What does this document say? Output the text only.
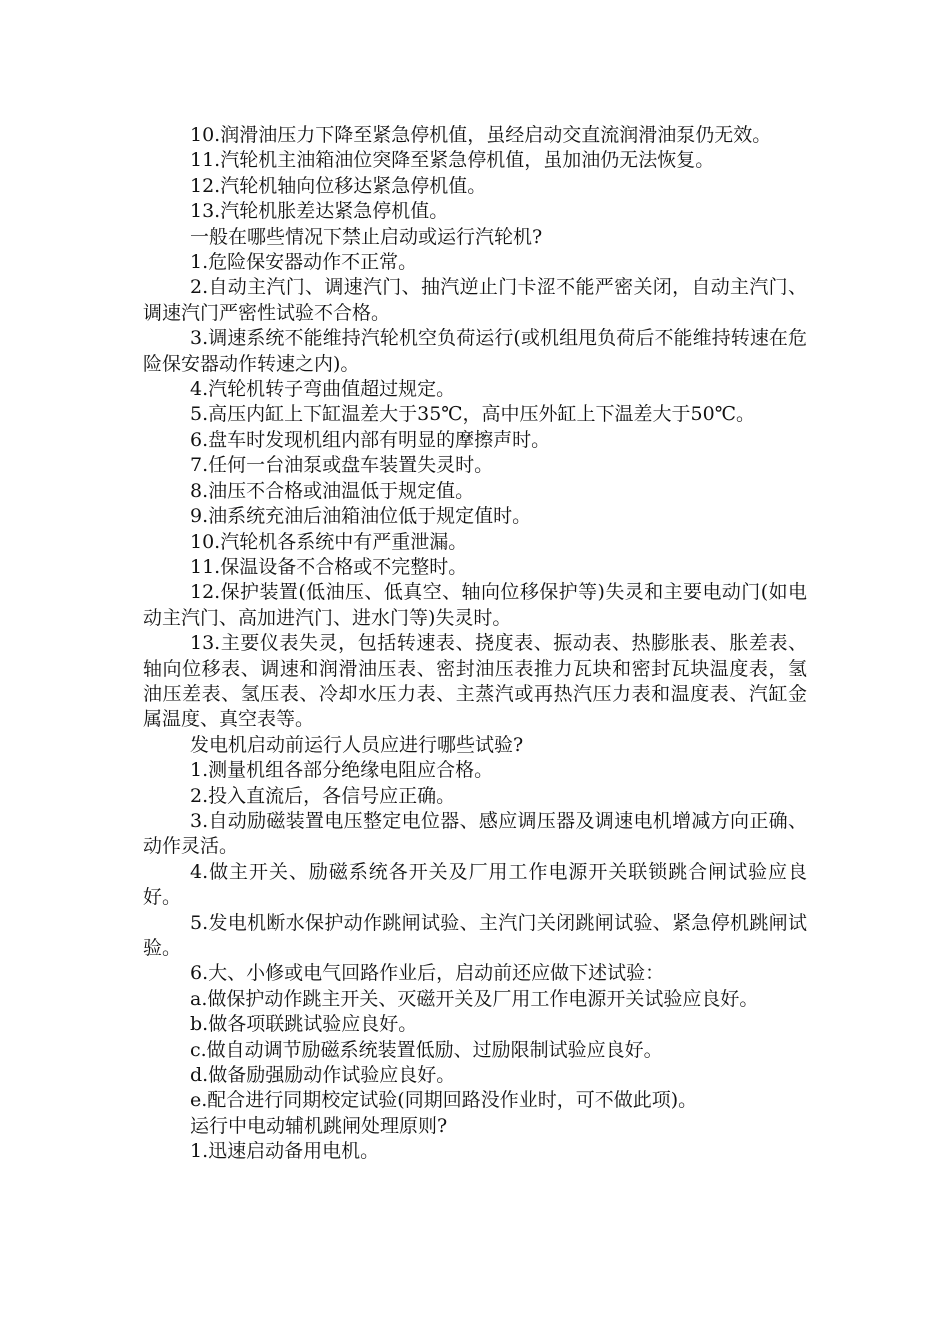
10.润滑油压力下降至紧急停机值，虽经启动交直流润滑油泵仍无效。

11.汽轮机主油箱油位突降至紧急停机值，虽加油仍无法恢复。

12.汽轮机轴向位移达紧急停机值。

13.汽轮机胀差达紧急停机值。

一般在哪些情况下禁止启动或运行汽轮机?

1.危险保安器动作不正常。

2.自动主汽门、调速汽门、抽汽逆止门卡涩不能严密关闭，自动主汽门、调速汽门严密性试验不合格。

3.调速系统不能维持汽轮机空负荷运行(或机组甩负荷后不能维持转速在危险保安器动作转速之内)。

4.汽轮机转子弯曲值超过规定。

5.高压内缸上下缸温差大于35℃，高中压外缸上下温差大于50℃。

6.盘车时发现机组内部有明显的摩擦声时。

7.任何一台油泵或盘车装置失灵时。

8.油压不合格或油温低于规定值。

9.油系统充油后油箱油位低于规定值时。

10.汽轮机各系统中有严重泄漏。

11.保温设备不合格或不完整时。

12.保护装置(低油压、低真空、轴向位移保护等)失灵和主要电动门(如电动主汽门、高加进汽门、进水门等)失灵时。

13.主要仪表失灵，包括转速表、挠度表、振动表、热膨胀表、胀差表、轴向位移表、调速和润滑油压表、密封油压表推力瓦块和密封瓦块温度表，氢油压差表、氢压表、冷却水压力表、主蒸汽或再热汽压力表和温度表、汽缸金属温度、真空表等。

发电机启动前运行人员应进行哪些试验?

1.测量机组各部分绝缘电阻应合格。

2.投入直流后，各信号应正确。

3.自动励磁装置电压整定电位器、感应调压器及调速电机增减方向正确、动作灵活。

4.做主开关、励磁系统各开关及厂用工作电源开关联锁跳合闸试验应良好。

5.发电机断水保护动作跳闸试验、主汽门关闭跳闸试验、紧急停机跳闸试验。

6.大、小修或电气回路作业后，启动前还应做下述试验：

a.做保护动作跳主开关、灭磁开关及厂用工作电源开关试验应良好。

b.做各项联跳试验应良好。

c.做自动调节励磁系统装置低励、过励限制试验应良好。

d.做备励强励动作试验应良好。

e.配合进行同期校定试验(同期回路没作业时，可不做此项)。

运行中电动辅机跳闸处理原则?

1.迅速启动备用电机。
